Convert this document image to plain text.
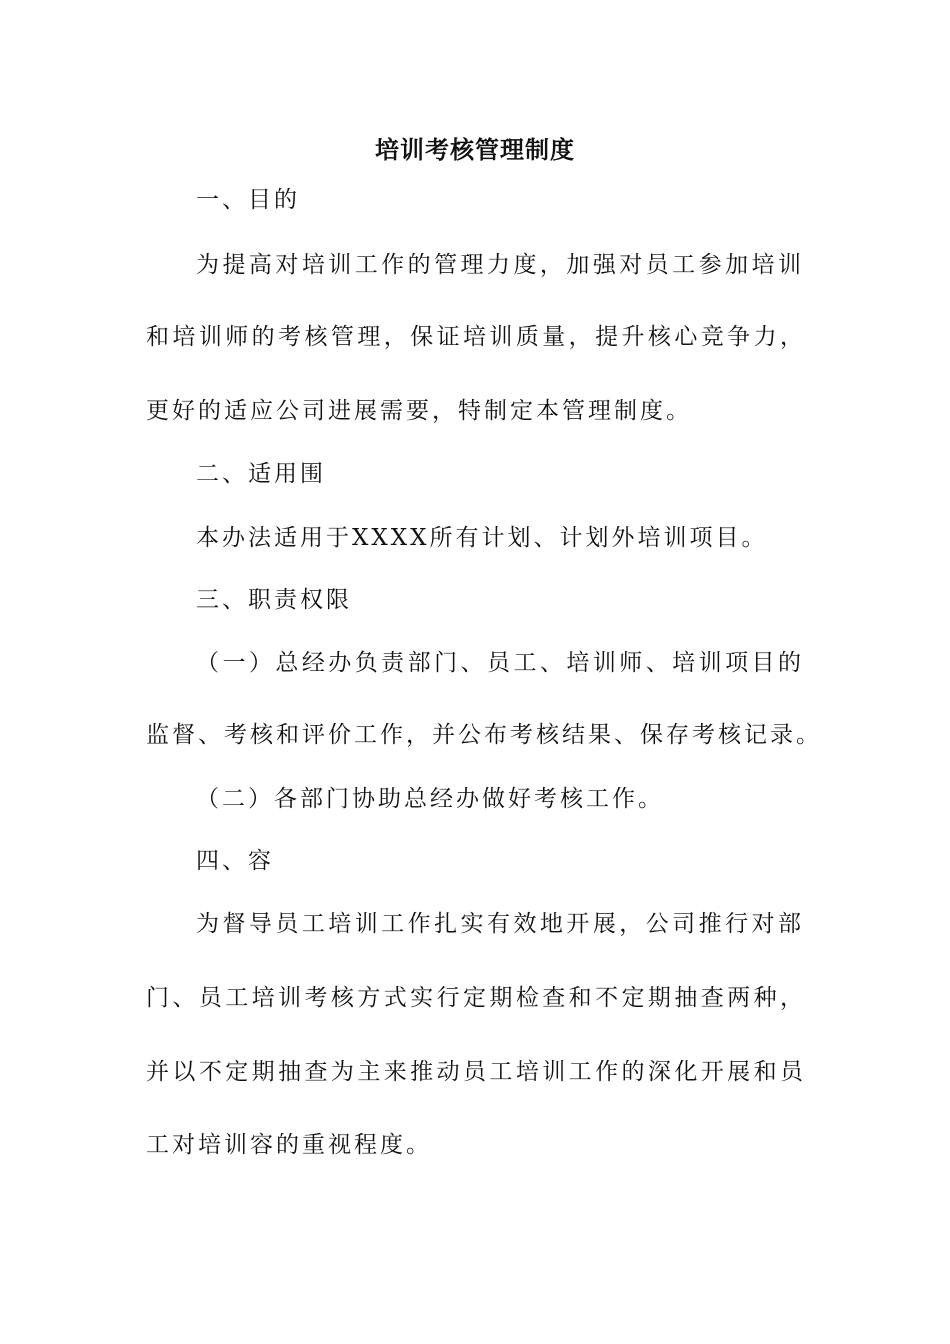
培训考核管理制度
一、目的
为提高对培训工作的管理力度，加强对员工参加培训
和培训师的考核管理，保证培训质量，提升核心竞争力，
更好的适应公司进展需要，特制定本管理制度。
二、适用围
本办法适用于XXXX所有计划、计划外培训项目。
三、职责权限
（一）总经办负责部门、员工、培训师、培训项目的
监督、考核和评价工作，并公布考核结果、保存考核记录。
（二）各部门协助总经办做好考核工作。
四、容
为督导员工培训工作扎实有效地开展，公司推行对部
门、员工培训考核方式实行定期检查和不定期抽查两种，
并以不定期抽查为主来推动员工培训工作的深化开展和员
工对培训容的重视程度。
